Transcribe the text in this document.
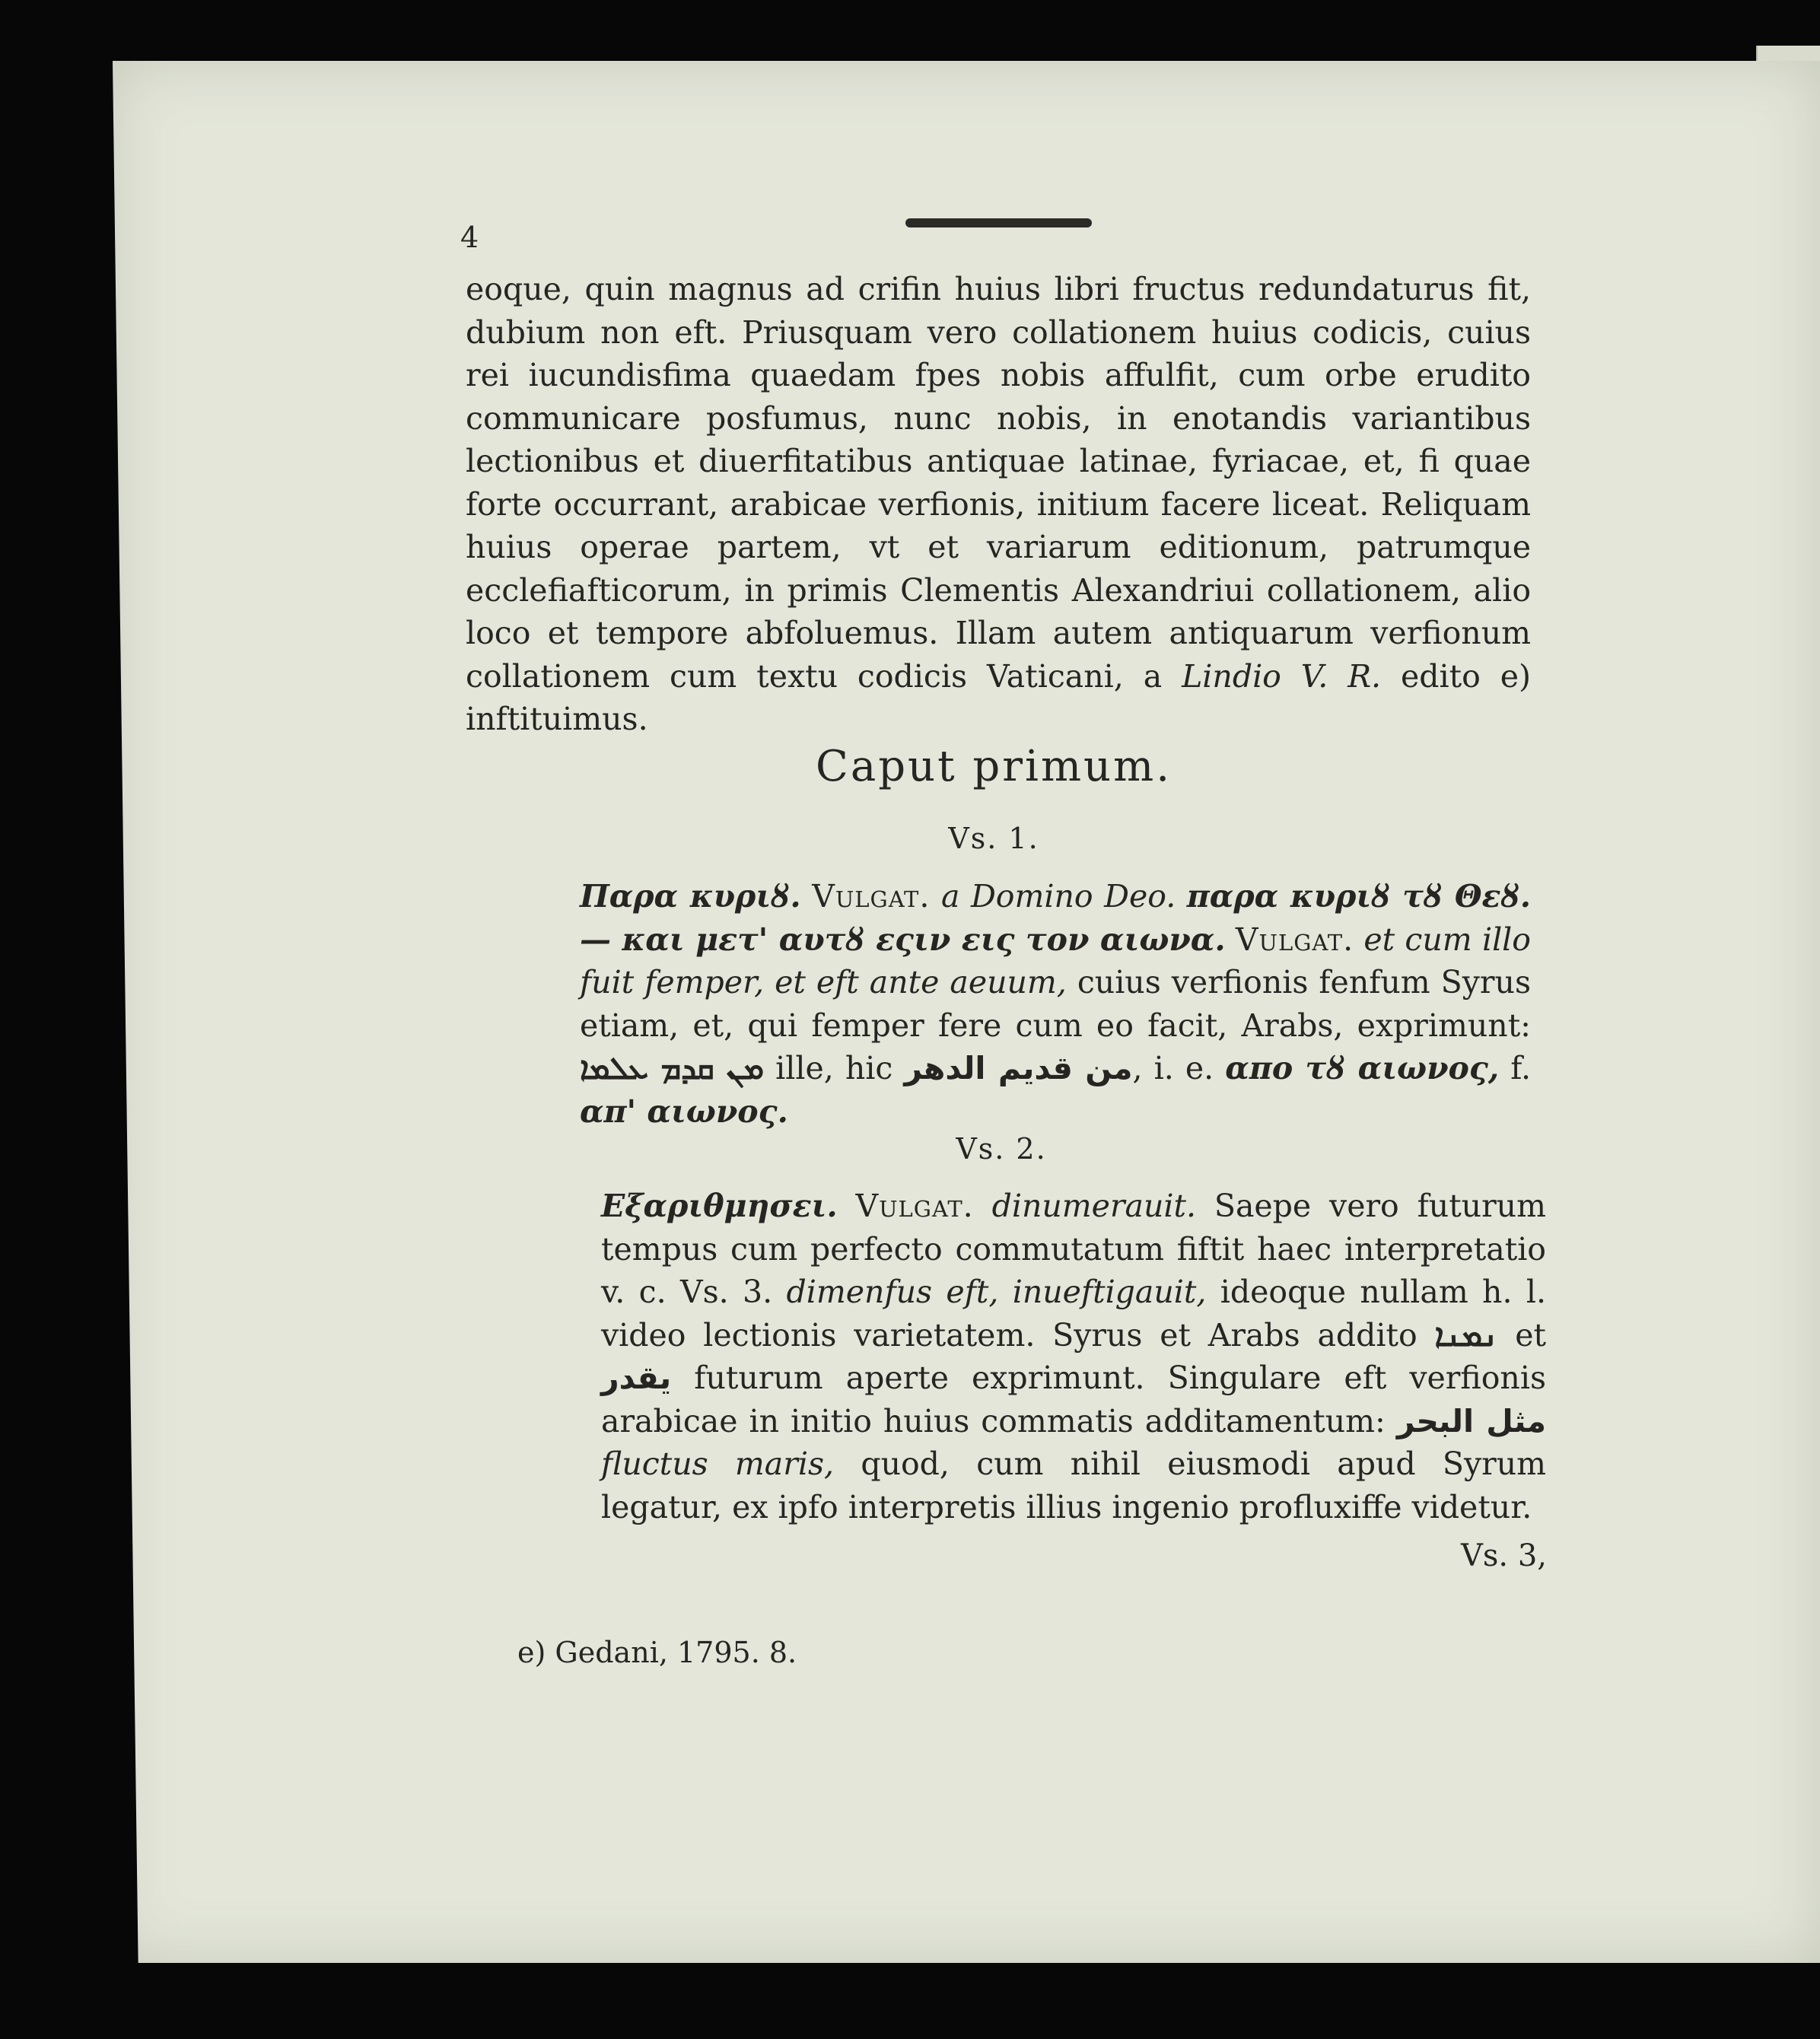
4

eoque, quin magnus ad crifin huius libri fructus redundaturus fit, dubium non eft. Priusquam vero collationem huius codicis, cuius rei iucundisfima quaedam fpes nobis affulfit, cum orbe erudito communicare posfumus, nunc nobis, in enotandis variantibus lectionibus et diuerfitatibus antiquae latinae, fyriacae, et, fi quae forte occurrant, arabicae verfionis, initium facere liceat. Reliquam huius operae partem, vt et variarum editionum, patrumque ecclefiafticorum, in primis Clementis Alexandriui collationem, alio loco et tempore abfoluemus. Illam autem antiquarum verfionum collationem cum textu codicis Vaticani, a Lindio V. R. edito e) inftituimus.

Caput primum.
Vs. 1.

Παρα κυριȣ. Vulgat. a Domino Deo. παρα κυριȣ τȣ Θεȣ. — και μετ' αυτȣ εςιν εις τον αιωνα. Vulgat. et cum illo fuit femper, et eft ante aeuum, cuius verfionis fenfum Syrus etiam, et, qui femper fere cum eo facit, Arabs, exprimunt: ܡܢ ܩܕܡ ܥܠܡܐ ille, hic من قديم الدهر, i. e. απο τȣ αιωνος, f. απ' αιωνος.

Vs. 2.

Εξαριθμησει. Vulgat. dinumerauit. Saepe vero futurum tempus cum perfecto commutatum fiftit haec interpretatio v. c. Vs. 3. dimenfus eft, inueftigauit, ideoque nullam h. l. video lectionis varietatem. Syrus et Arabs addito ܢܡܢܐ et يقدر futurum aperte exprimunt. Singulare eft verfionis arabicae in initio huius commatis additamentum: مثل البحر fluctus maris, quod, cum nihil eiusmodi apud Syrum legatur, ex ipfo interpretis illius ingenio profluxiffe videtur.

Vs. 3,
e) Gedani, 1795. 8.
